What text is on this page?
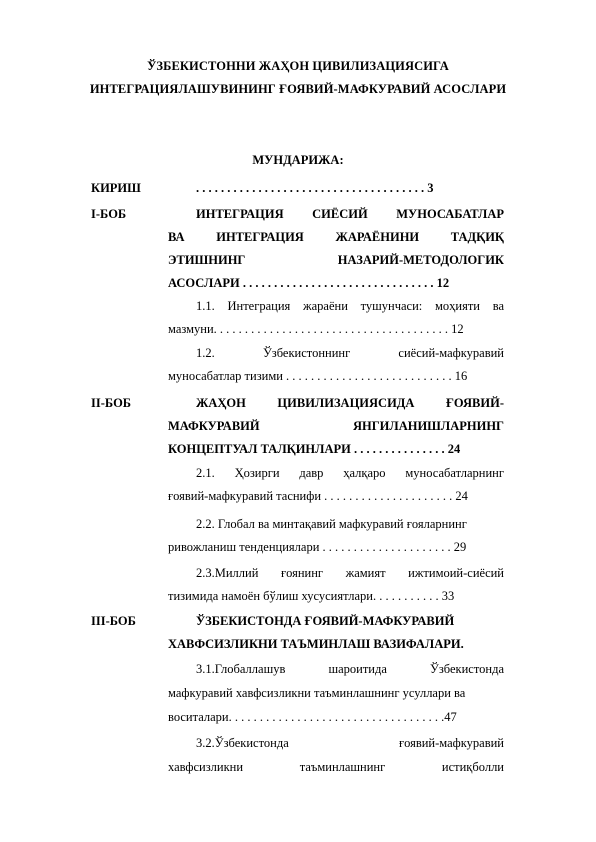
ЎЗБЕКИСТОННИ ЖАҲОН ЦИВИЛИЗАЦИЯСИГА
ИНТЕГРАЦИЯЛАШУВИНИНГ ҒОЯВИЙ-МАФКУРАВИЙ АСОСЛАРИ
МУНДАРИЖА:
КИРИШ	. . . . . . . . . . . . . . . . . . . . . . . . . . . . . . . . . . . . . 3
I-БОБ	ИНТЕГРАЦИЯ СИЁСИЙ МУНОСАБАТЛАР
ВА ИНТЕГРАЦИЯ ЖАРАЁНИНИ ТАДҚИҚ
ЭТИШНИНГ НАЗАРИЙ-МЕТОДОЛОГИК
АСОСЛАРИ . . . . . . . . . . . . . . . . . . . . . . . . . . . . . . . 12
1.1. Интеграция жараёни тушунчаси: моҳияти ва
мазмуни. . . . . . . . . . . . . . . . . . . . . . . . . . . . . . . . . . . . . . 12
1.2. Ўзбекистоннинг сиёсий-мафкуравий
муносабатлар тизими . . . . . . . . . . . . . . . . . . . . . . . . . . . 16
II-БОБ	ЖАҲОН ЦИВИЛИЗАЦИЯСИДА ҒОЯВИЙ-
МАФКУРАВИЙ ЯНГИЛАНИШЛАРНИНГ
КОНЦЕПТУАЛ ТАЛҚИНЛАРИ . . . . . . . . . . . . . . . 24
2.1. Ҳозирги давр ҳалқаро муносабатларнинг
ғоявий-мафкуравий таснифи . . . . . . . . . . . . . . . . . . . . . 24
2.2. Глобал ва минтақавий мафкуравий ғояларнинг
ривожланиш тенденциялари . . . . . . . . . . . . . . . . . . . . . 29
2.3.Миллий ғоянинг жамият ижтимоий-сиёсий
тизимида намоён бўлиш хусусиятлари. . . . . . . . . . . 33
III-БОБ	ЎЗБЕКИСТОНДА ҒОЯВИЙ-МАФКУРАВИЙ
ХАВФСИЗЛИКНИ ТАЪМИНЛАШ ВАЗИФАЛАРИ.
3.1.Глобаллашув шароитида Ўзбекистонда
мафкуравий хавфсизликни таъминлашнинг усуллари ва
воситалари. . . . . . . . . . . . . . . . . . . . . . . . . . . . . . . . . . .47
3.2.Ўзбекистонда ғоявий-мафкуравий
хавфсизликни таъминлашнинг истиқболли
